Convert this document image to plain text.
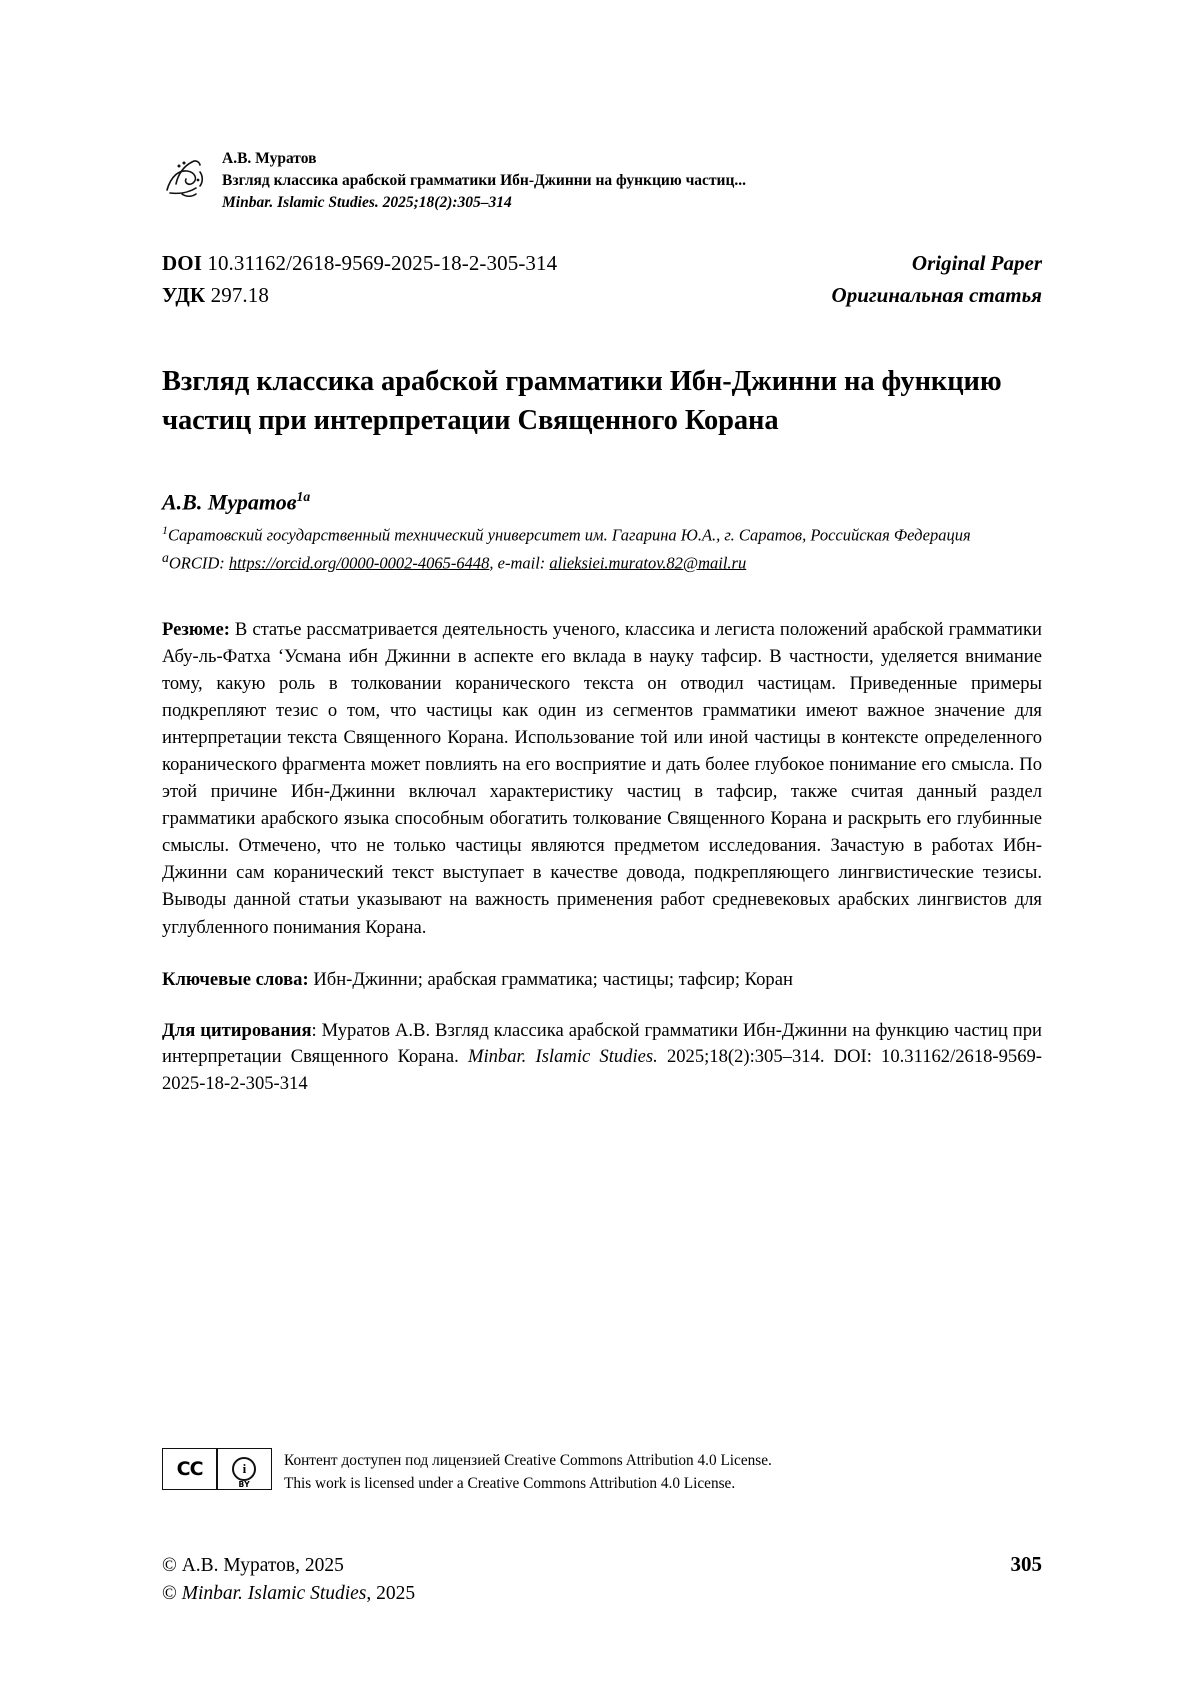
А.В. Муратов
Взгляд классика арабской грамматики Ибн-Джинни на функцию частиц...
Minbar. Islamic Studies. 2025;18(2):305–314
DOI 10.31162/2618-9569-2025-18-2-305-314	Original Paper
УДК 297.18	Оригинальная статья
Взгляд классика арабской грамматики Ибн-Джинни на функцию частиц при интерпретации Священного Корана
А.В. Муратов$^{1a}$
$^1$Саратовский государственный технический университет им. Гагарина Ю.А., г. Саратов, Российская Федерация
$^a$ORCID: https://orcid.org/0000-0002-4065-6448, e-mail: alieksiei.muratov.82@mail.ru
Резюме: В статье рассматривается деятельность ученого, классика и легиста положений арабской грамматики Абу-ль-Фатха ‘Усмана ибн Джинни в аспекте его вклада в науку тафсир. В частности, уделяется внимание тому, какую роль в толковании коранического текста он отводил частицам. Приведенные примеры подкрепляют тезис о том, что частицы как один из сегментов грамматики имеют важное значение для интерпретации текста Священного Корана. Использование той или иной частицы в контексте определенного коранического фрагмента может повлиять на его восприятие и дать более глубокое понимание его смысла. По этой причине Ибн-Джинни включал характеристику частиц в тафсир, также считая данный раздел грамматики арабского языка способным обогатить толкование Священного Корана и раскрыть его глубинные смыслы. Отмечено, что не только частицы являются предметом исследования. Зачастую в работах Ибн-Джинни сам коранический текст выступает в качестве довода, подкрепляющего лингвистические тезисы. Выводы данной статьи указывают на важность применения работ средневековых арабских лингвистов для углубленного понимания Корана.
Ключевые слова: Ибн-Джинни; арабская грамматика; частицы; тафсир; Коран
Для цитирования: Муратов А.В. Взгляд классика арабской грамматики Ибн-Джинни на функцию частиц при интерпретации Священного Корана. Minbar. Islamic Studies. 2025;18(2):305–314. DOI: 10.31162/2618-9569-2025-18-2-305-314
CC	i
BY
Контент доступен под лицензией Creative Commons Attribution 4.0 License.
This work is licensed under a Creative Commons Attribution 4.0 License.
© А.В. Муратов, 2025
© Minbar. Islamic Studies, 2025
305
